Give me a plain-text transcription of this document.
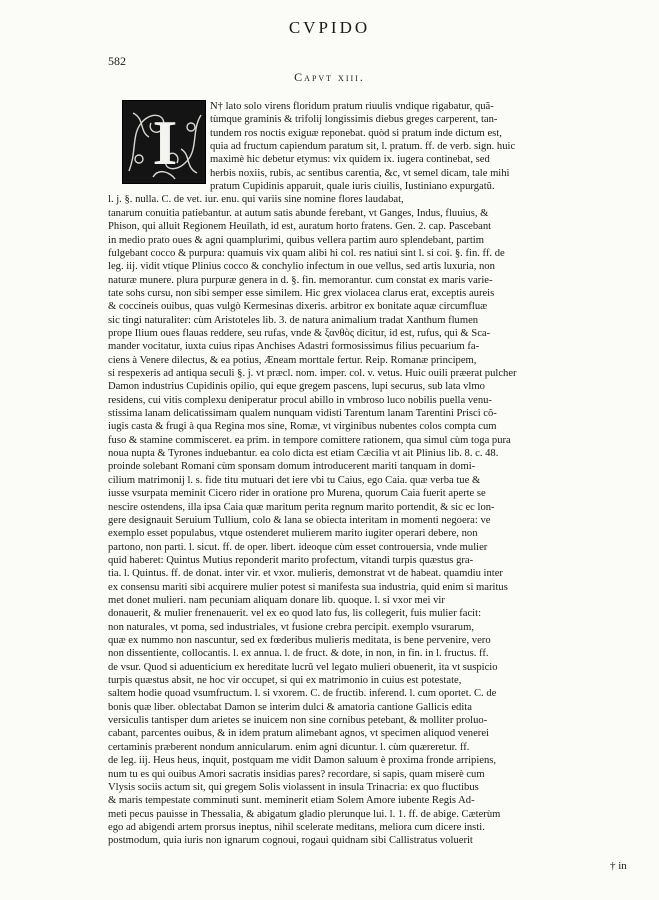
CVPIDO
582
Capvt xiii.
I
N† lato solo virens floridum pratum riuulis vndique rigabatur, quã-
tùmque graminis & trifolij longissimis diebus greges carperent, tan-
tundem ros noctis exiguæ reponebat. quòd si pratum inde dictum est,
quia ad fructum capiendum paratum sit, l. pratum. ff. de verb. sign. huic
maximè hic debetur etymus: vix quidem ix. iugera continebat, sed
herbis noxiis, rubis, ac sentibus carentia, &c, vt semel dicam, tale mihi
pratum Cupidinis apparuit, quale iuris ciuilis, Iustiniano expurgatũ.
l. j. §. nulla. C. de vet. iur. enu. qui variis sine nomine flores laudabat,
tanarum conuitia patiebantur. at autum satis abunde ferebant, vt Ganges, Indus, fluuius, &
Phison, qui alluit Regionem Heuilath, id est, auratum horto fratens. Gen. 2. cap. Pascebant
in medio prato oues & agni quamplurimi, quibus vellera partim auro splendebant, partim
fulgebant cocco & purpura: quamuis vix quam alibi hi col. res natiui sint l. si coi. §. fin. ff. de
leg. iij. vidit vtique Plinius cocco & conchylio infectum in oue vellus, sed artis luxuria, non
naturæ munere. plura purpuræ genera in d. §. fin. memorantur. cum constat ex maris varie-
tate sohs cursu, non sibi semper esse similem. Hic grex violacea clarus erat, exceptis aureis
& coccineis ouibus, quas vulgò Kermesinas dixeris. arbitror ex bonitate aquæ circumfluæ
sic tingi naturaliter: cùm Aristoteles lib. 3. de natura animalium tradat Xanthum flumen
prope Ilium oues flauas reddere, seu rufas, vnde & ξανθὸς dicitur, id est, rufus, qui & Sca-
mander vocitatur, iuxta cuius ripas Anchises Adastri formosissimus filius pecuarium fa-
ciens à Venere dilectus, & ea potius, Æneam morttale fertur. Reip. Romanæ principem,
si respexeris ad antiqua seculi §. j. vt præcl. nom. imper. col. v. vetus. Huic ouili præerat pulcher
Damon industrius Cupidinis opilio, qui eque gregem pascens, lupi securus, sub lata vlmo
residens, cui vitis complexu deniperatur procul abillo in vmbroso luco nobilis puella venu-
stissima lanam delicatissimam qualem nunquam vidisti Tarentum lanam Tarentini Prisci cõ-
iugis casta & frugi à qua Regina mos sine, Romæ, vt virginibus nubentes colos compta cum
fuso & stamine commisceret. ea prim. in tempore comittere rationem, qua simul cùm toga pura
noua nupta & Tyrones induebantur. ea colo dicta est etiam Cæcilia vt ait Plinius lib. 8. c. 48.
proinde solebant Romani cùm sponsam domum introducerent mariti tanquam in domi-
cilium matrimonij l. s. fide titu mutuari det iere vbi tu Caius, ego Caia. quæ verba tue &
iusse vsurpata meminit Cicero rider in oratione pro Murena, quorum Caia fuerit aperte se
nescire ostendens, illa ipsa Caia quæ maritum perita regnum marito portendit, & sic ec lon-
gere designauit Seruium Tullium, colo & lana se obiecta interitam in momenti negoera: ve
exemplo esset populabus, vtque ostenderet mulierem marito iugiter operari debere, non
partono, non parti. l. sicut. ff. de oper. libert. ideoque cùm esset controuersia, vnde mulier
quid haberet: Quintus Mutius reponderit marito profectum, vitandi turpis quæstus gra-
tia. l. Quintus. ff. de donat. inter vir. et vxor. mulieris, demonstrat vt de habeat. quamdiu inter
ex consensu mariti sibi acquirere mulier potest si manifesta sua industria, quid enim si maritus
met donet mulieri. nam pecuniam aliquam donare lib. quoque. l. si vxor mei vir
donauerit, & mulier frenenauerit. vel ex eo quod lato fus, lis collegerit, fuis mulier facit:
non naturales, vt poma, sed industriales, vt fusione crebra percipit. exemplo vsurarum,
quæ ex nummo non nascuntur, sed ex fœderibus mulieris meditata, is bene pervenire, vero
non dissentiente, collocantis. l. ex annua. l. de fruct. & dote, in non, in fin. in l. fructus. ff.
de vsur. Quod si aduenticium ex hereditate lucrũ vel legato mulieri obuenerit, ita vt suspicio
turpis quæstus absit, ne hoc vir occupet, si qui ex matrimonio in cuius est potestate,
saltem hodie quoad vsumfructum. l. si vxorem. C. de fructib. inferend. l. cum oportet. C. de
bonis quæ liber. oblectabat Damon se interim dulci & amatoria cantione Gallicis edita
versiculis tantisper dum arietes se inuicem non sine cornibus petebant, & molliter proluo-
cabant, parcentes ouibus, & in idem pratum alimebant agnos, vt specimen aliquod venerei
certaminis præberent nondum annicularum. enim agni dicuntur. l. cùm quæreretur. ff.
de leg. iij. Heus heus, inquit, postquam me vidit Damon saluum è proxima fronde arripiens,
num tu es qui ouibus Amori sacratis insidias pares? recordare, si sapis, quam miserè cum
Vlysis sociis actum sit, qui gregem Solis violassent in insula Trinacria: ex quo fluctibus
& maris tempestate comminuti sunt. meminerit etiam Solem Amore iubente Regis Ad-
meti pecus pauisse in Thessalia, & abigatum gladio plerunque lui. l. 1. ff. de abige. Cæterùm
ego ad abigendi artem prorsus ineptus, nihil scelerate meditans, meliora cum dicere insti.
postmodum, quia iuris non ignarum cognoui, rogaui quidnam sibi Callistratus voluerit
† in
